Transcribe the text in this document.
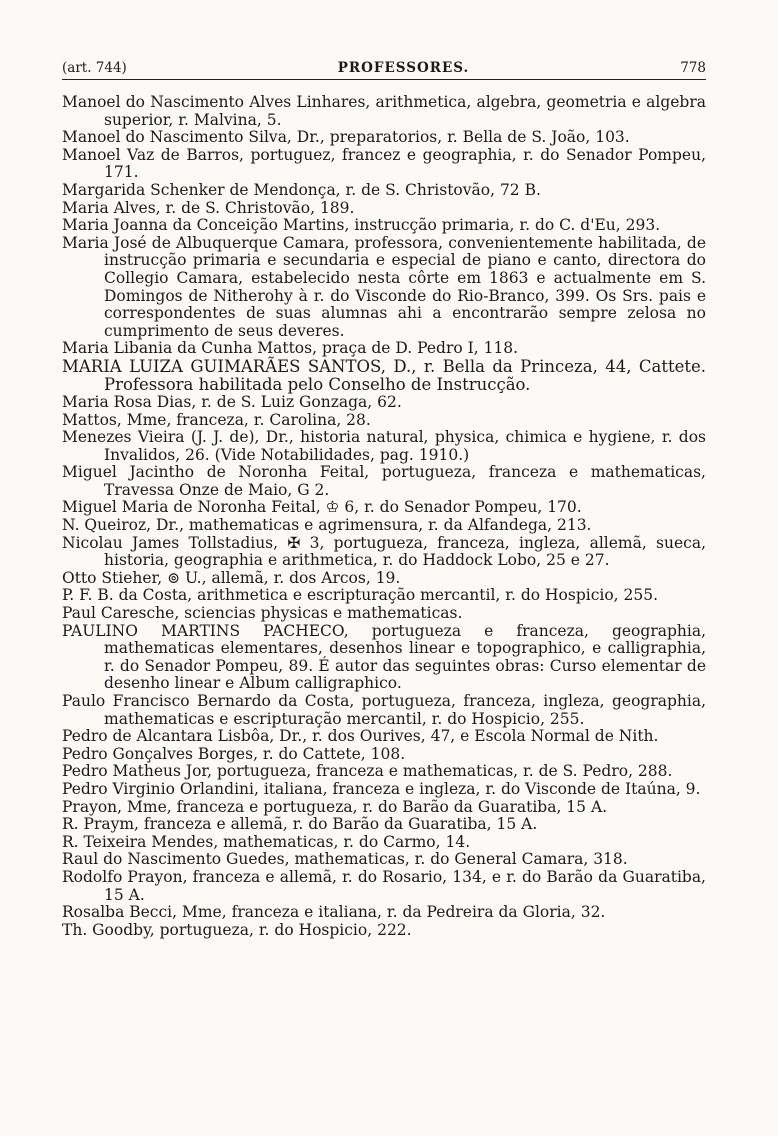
(art. 744)	PROFESSORES.	778
Manoel do Nascimento Alves Linhares, arithmetica, algebra, geometria e algebra superior, r. Malvina, 5.
Manoel do Nascimento Silva, Dr., preparatorios, r. Bella de S. João, 103.
Manoel Vaz de Barros, portuguez, francez e geographia, r. do Senador Pompeu, 171.
Margarida Schenker de Mendonça, r. de S. Christovão, 72 B.
Maria Alves, r. de S. Christovão, 189.
Maria Joanna da Conceição Martins, instrucção primaria, r. do C. d'Eu, 293.
Maria José de Albuquerque Camara, professora, convenientemente habilitada, de instrucção primaria e secundaria e especial de piano e canto, directora do Collegio Camara, estabelecido nesta côrte em 1863 e actualmente em S. Domingos de Nitherohy à r. do Visconde do Rio-Branco, 399. Os Srs. pais e correspondentes de suas alumnas ahi a encontrarão sempre zelosa no cumprimento de seus deveres.
Maria Libania da Cunha Mattos, praça de D. Pedro I, 118.
MARIA LUIZA GUIMARÃES SANTOS, D., r. Bella da Princeza, 44, Cattete. Professora habilitada pelo Conselho de Instrucção.
Maria Rosa Dias, r. de S. Luiz Gonzaga, 62.
Mattos, Mme, franceza, r. Carolina, 28.
Menezes Vieira (J. J. de), Dr., historia natural, physica, chimica e hygiene, r. dos Invalidos, 26. (Vide Notabilidades, pag. 1910.)
Miguel Jacintho de Noronha Feital, portugueza, franceza e mathematicas, Travessa Onze de Maio, G 2.
Miguel Maria de Noronha Feital, ♔ 6, r. do Senador Pompeu, 170.
N. Queiroz, Dr., mathematicas e agrimensura, r. da Alfandega, 213.
Nicolau James Tollstadius, ✠ 3, portugueza, franceza, ingleza, allemã, sueca, historia, geographia e arithmetica, r. do Haddock Lobo, 25 e 27.
Otto Stieher, ⊚ U., allemã, r. dos Arcos, 19.
P. F. B. da Costa, arithmetica e escripturação mercantil, r. do Hospicio, 255.
Paul Caresche, sciencias physicas e mathematicas.
PAULINO MARTINS PACHECO, portugueza e franceza, geographia, mathematicas elementares, desenhos linear e topographico, e calligraphia, r. do Senador Pompeu, 89. É autor das seguintes obras: Curso elementar de desenho linear e Album calligraphico.
Paulo Francisco Bernardo da Costa, portugueza, franceza, ingleza, geographia, mathematicas e escripturação mercantil, r. do Hospicio, 255.
Pedro de Alcantara Lisbôa, Dr., r. dos Ourives, 47, e Escola Normal de Nith.
Pedro Gonçalves Borges, r. do Cattete, 108.
Pedro Matheus Jor, portugueza, franceza e mathematicas, r. de S. Pedro, 288.
Pedro Virginio Orlandini, italiana, franceza e ingleza, r. do Visconde de Itaúna, 9.
Prayon, Mme, franceza e portugueza, r. do Barão da Guaratiba, 15 A.
R. Praym, franceza e allemã, r. do Barão da Guaratiba, 15 A.
R. Teixeira Mendes, mathematicas, r. do Carmo, 14.
Raul do Nascimento Guedes, mathematicas, r. do General Camara, 318.
Rodolfo Prayon, franceza e allemã, r. do Rosario, 134, e r. do Barão da Guaratiba, 15 A.
Rosalba Becci, Mme, franceza e italiana, r. da Pedreira da Gloria, 32.
Th. Goodby, portugueza, r. do Hospicio, 222.
